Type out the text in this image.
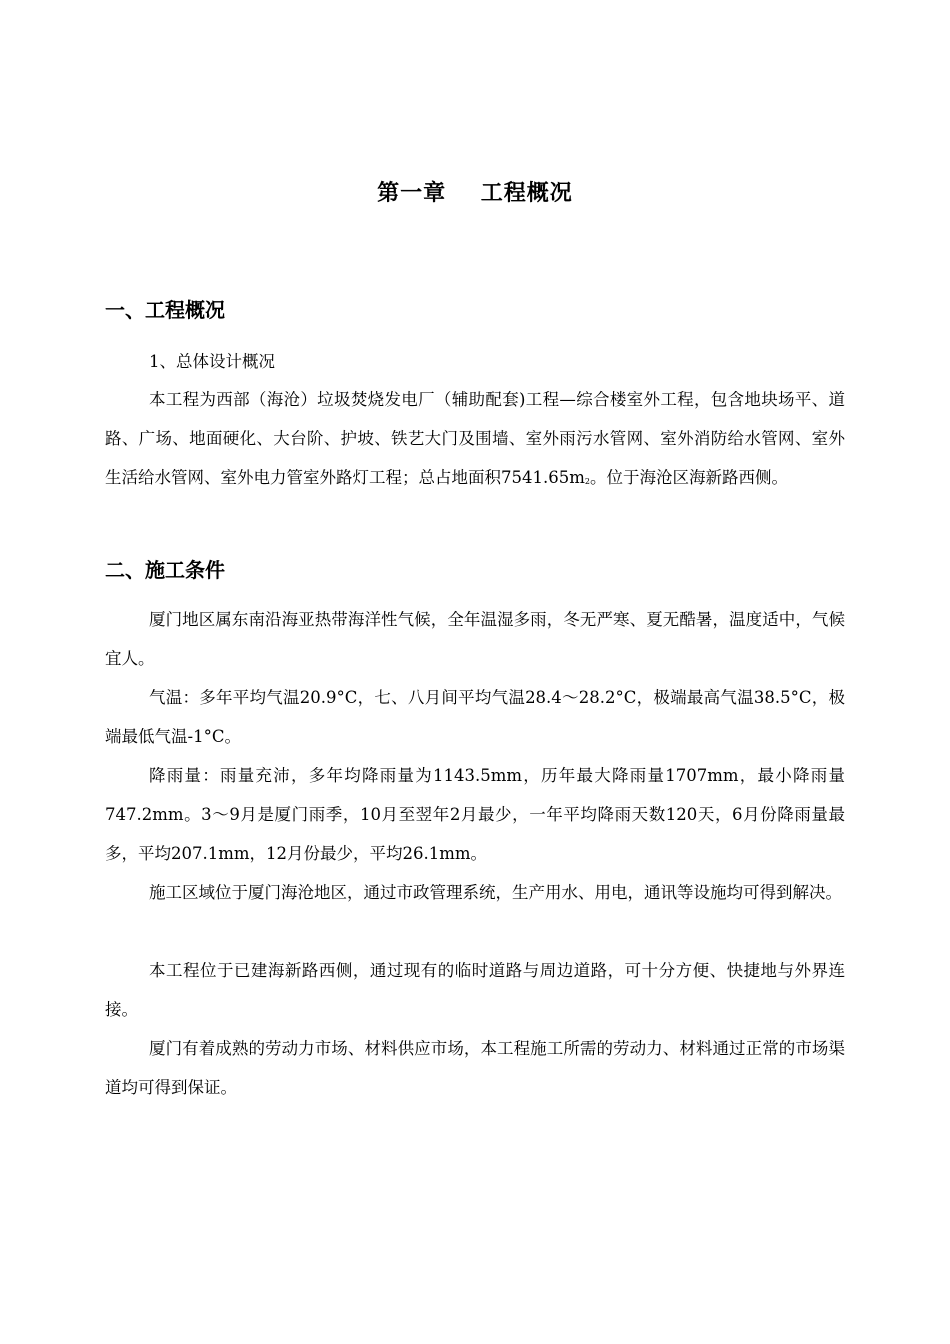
第一章    工程概况
一、工程概况
1、总体设计概况

本工程为西部（海沧）垃圾焚烧发电厂（辅助配套)工程—综合楼室外工程，包含地块场平、道路、广场、地面硬化、大台阶、护坡、铁艺大门及围墙、室外雨污水管网、室外消防给水管网、室外生活给水管网、室外电力管室外路灯工程；总占地面积$7541.65m^2$。位于海沧区海新路西侧。

二、施工条件

厦门地区属东南沿海亚热带海洋性气候，全年温湿多雨，冬无严寒、夏无酷暑，温度适中，气候宜人。

气温：多年平均气温20.9°C，七、八月间平均气温28.4～28.2°C，极端最高气温38.5°C，极端最低气温-1°C。

降雨量：雨量充沛，多年均降雨量为1143.5mm，历年最大降雨量1707mm，最小降雨量747.2mm。3～9月是厦门雨季，10月至翌年2月最少，一年平均降雨天数120天，6月份降雨量最多，平均207.1mm，12月份最少，平均26.1mm。

施工区域位于厦门海沧地区，通过市政管理系统，生产用水、用电，通讯等设施均可得到解决。

本工程位于已建海新路西侧，通过现有的临时道路与周边道路，可十分方便、快捷地与外界连接。

厦门有着成熟的劳动力市场、材料供应市场，本工程施工所需的劳动力、材料通过正常的市场渠道均可得到保证。
